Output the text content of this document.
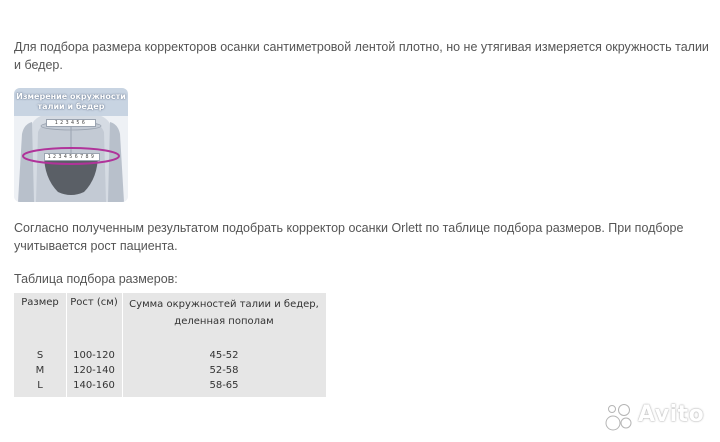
Для подбора размера корректоров осанки сантиметровой лентой плотно, но не утягивая измеряется окружность талии и бедер.
Измерение окружности
талии и бедер
123456
123456789
Согласно полученным результатом подобрать корректор осанки Orlett по таблице подбора размеров. При подборе учитывается рост пациента.
Таблица подбора размеров:
Размер	Рост (см)	Сумма окружностей талии и бедер,
деленная пополам
S	100-120	45-52
M	120-140	52-58
L	140-160	58-65
Avito
